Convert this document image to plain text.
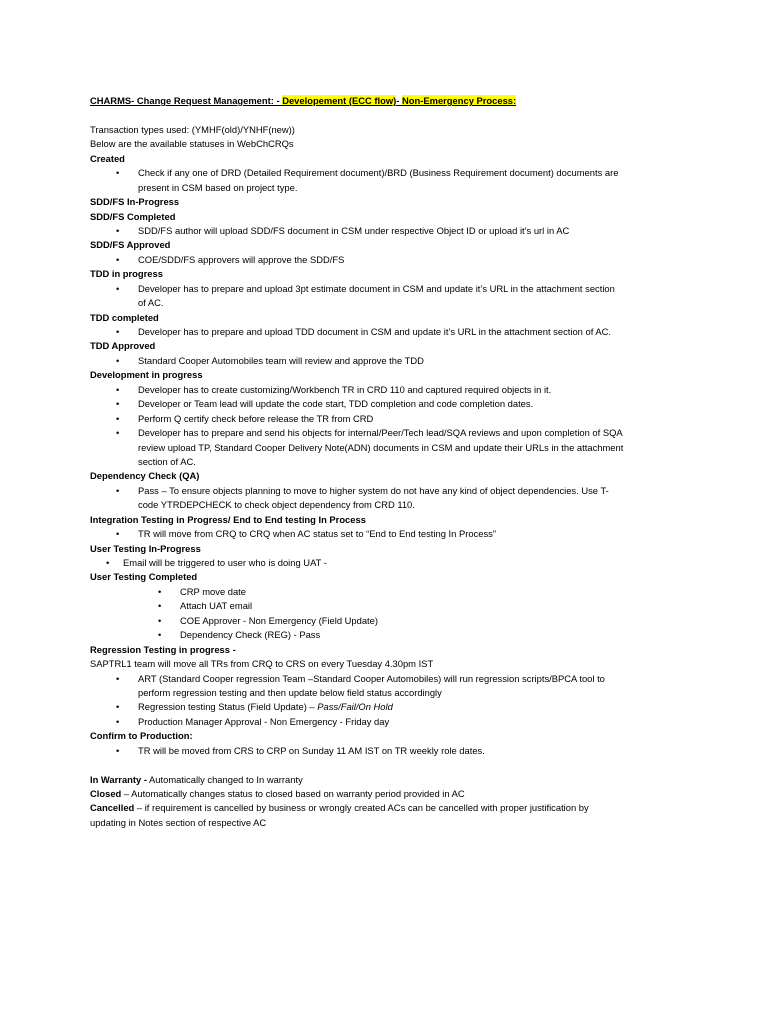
CHARMS- Change Request Management: - Developement (ECC flow)- Non-Emergency Process:
Transaction types used: (YMHF(old)/YNHF(new))
Below are the available statuses in WebChCRQs
Created
• Check if any one of DRD (Detailed Requirement document)/BRD (Business Requirement document) documents are
present in CSM based on project type.
SDD/FS In-Progress
SDD/FS Completed
• SDD/FS author will upload SDD/FS document in CSM under respective Object ID or upload it’s url in AC
SDD/FS Approved
• COE/SDD/FS approvers will approve the SDD/FS
TDD in progress
• Developer has to prepare and upload 3pt estimate document in CSM and update it’s URL in the attachment section
of AC.
TDD completed
• Developer has to prepare and upload TDD document in CSM and update it’s URL in the attachment section of AC.
TDD Approved
• Standard Cooper Automobiles team will review and approve the TDD
Development in progress
• Developer has to create customizing/Workbench TR in CRD 110 and captured required objects in it.
• Developer or Team lead will update the code start, TDD completion and code completion dates.
• Perform Q certify check before release the TR from CRD
• Developer has to prepare and send his objects for internal/Peer/Tech lead/SQA reviews and upon completion of SQA
review upload TP, Standard Cooper Delivery Note(ADN) documents in CSM and update their URLs in the attachment
section of AC.
Dependency Check (QA)
• Pass – To ensure objects planning to move to higher system do not have any kind of object dependencies. Use T-
code YTRDEPCHECK to check object dependency from CRD 110.
Integration Testing in Progress/ End to End testing In Process
• TR will move from CRQ to CRQ when AC status set to “End to End testing In Process”
User Testing In-Progress
• Email will be triggered to user who is doing UAT -
User Testing Completed
• CRP move date
• Attach UAT email
• COE Approver - Non Emergency (Field Update)
• Dependency Check (REG) - Pass
Regression Testing in progress -
SAPTRL1 team will move all TRs from CRQ to CRS on every Tuesday 4.30pm IST
• ART (Standard Cooper regression Team –Standard Cooper Automobiles) will run regression scripts/BPCA tool to
perform regression testing and then update below field status accordingly
• Regression testing Status (Field Update) – Pass/Fail/On Hold
• Production Manager Approval - Non Emergency - Friday day
Confirm to Production:
• TR will be moved from CRS to CRP on Sunday 11 AM IST on TR weekly role dates.
In Warranty - Automatically changed to In warranty
Closed – Automatically changes status to closed based on warranty period provided in AC
Cancelled – if requirement is cancelled by business or wrongly created ACs can be cancelled with proper justification by
updating in Notes section of respective AC
